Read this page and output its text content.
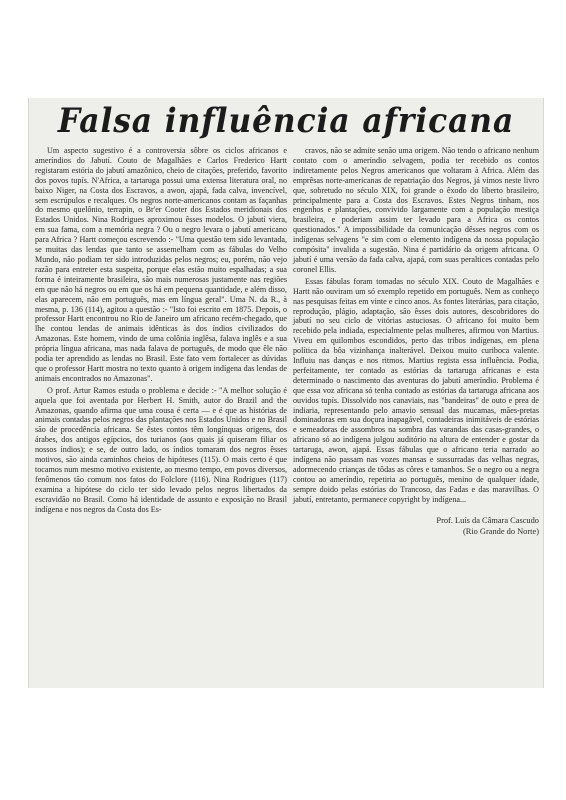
Falsa influência africana

Um aspecto sugestivo é a controversia sôbre os ciclos africanos e ameríndios do Jabutí. Couto de Magalhães e Carlos Frederico Hartt registaram estória do jabutí amazônico, cheio de citações, preferido, favorito dos povos tupís. N'Africa, a tartaruga possui uma extensa literatura oral, no baixo Niger, na Costa dos Escravos, a awon, ajapá, fada calva, invencível, sem escrúpulos e recalques. Os negros norte-americanos contam as façanhas do mesmo quelônio, terrapin, o Br'er Cooter dos Estados meridionais dos Estados Unidos. Nina Rodrigues aproximou êsses modelos. O jabutí viera, em sua fama, com a memória negra ? Ou o negro levara o jabutí americano para Africa ? Hartt começou escrevendo :- "Uma questão tem sido levantada, se muitas das lendas que tanto se assemelham com as fábulas do Velho Mundo, não podiam ter sido introduzidas pelos negros; eu, porém, não vejo razão para entreter esta suspeita, porque elas estão muito espalhadas; a sua forma é inteiramente brasileira, são mais numerosas justamente nas regiões em que não há negros ou em que os há em pequena quantidade, e além disso, elas aparecem, não em português, mas em língua geral". Uma N. da R., à mesma, p. 136 (114), agitou a questão :- "Isto foi escrito em 1875. Depois, o professor Hartt encontrou no Rio de Janeiro um africano recém-chegado, que lhe contou lendas de animais idênticas às dos índios civilizados do Amazonas. Este homem, vindo de uma colônia inglêsa, falava inglês e a sua própria língua africana, mas nada falava de português, de modo que êle não podia ter aprendido as lendas no Brasil. Este fato vem fortalecer as dúvidas que o professor Hartt mostra no texto quanto à origem indígena das lendas de animais encontrados no Amazonas".

O prof. Artur Ramos estuda o problema e decide :- "A melhor solução é aquela que foi aventada por Herbert H. Smith, autor do Brazil and the Amazonas, quando afirma que uma cousa é certa — e é que as histórias de animais contadas pelos negros das plantações nos Estados Unidos e no Brasil são de procedência africana. Se êstes contos têm longínquas origens, dos árabes, dos antigos egípcios, dos turianos (aos quais já quiseram filiar os nossos índios); e se, de outro lado, os índios tomaram dos negros êsses motivos, são ainda caminhos cheios de hipóteses (115). O mais certo é que tocamos num mesmo motivo existente, ao mesmo tempo, em povos diversos, fenômenos tão comum nos fatos do Folclore (116). Nina Rodrigues (117) examina a hipótese do ciclo ter sido levado pelos negros libertados da escravidão no Brasil. Como há identidade de assunto e exposição no Brasil indígena e nos negros da Costa dos Es-

cravos, não se admite senão uma origem. Não tendo o africano nenhum contato com o ameríndio selvagem, podia ter recebido os contos indiretamente pelos Negros americanos que voltaram à Africa. Além das emprêsas norte-americanas de repatriação dos Negros, já vimos neste livro que, sobretudo no século XIX, foi grande o êxodo do liberto brasileiro, principalmente para a Costa dos Escravos. Estes Negros tinham, nos engenhos e plantações, convivido largamente com a população mestiça brasileira, e poderiam assim ter levado para a Africa os contos questionados." A impossibilidade da comunicação dêsses negros com os indígenas selvagens "e sim com o elemento indígena da nossa população compósita" invalida a sugestão. Nina é partidário da origem africana. O jabutí é uma versão da fada calva, ajapá, com suas peraltices contadas pelo coronel Ellis.

Essas fábulas foram tomadas no século XIX. Couto de Magalhães e Hartt não ouviram um só exemplo repetido em português. Nem as conheço nas pesquisas feitas em vinte e cinco anos. As fontes literárias, para citação, reprodução, plágio, adaptação, são êsses dois autores, descobridores do jabutí no seu ciclo de vitórias astuciosas. O africano foi muito bem recebido pela indiada, especialmente pelas mulheres, afirmou von Martius. Viveu em quilombos escondidos, perto das tribos indígenas, em plena política da bôa vizinhança inalterável. Deixou muito curiboca valente. Influiu nas danças e nos ritmos. Martius regista essa influência. Podia, perfeitamente, ter contado as estórias da tartaruga africanas e esta determinado o nascimento das aventuras do jabutí ameríndio. Problema é que essa voz africana só tenha contado as estórias da tartaruga africana aos ouvidos tupís. Dissolvido nos canaviais, nas "bandeiras" de outo e prea de indiaria, representando pelo amavio sensual das mucamas, mães-pretas dominadoras em sua doçura inapagável, contadeiras inimitáveis de estórias e semeadoras de assombros na sombra das varandas das casas-grandes, o africano só ao indígena julgou auditório na altura de entender e gostar da tartaruga, awon, ajapá. Essas fábulas que o africano teria narrado ao indígena não passam nas vozes mansas e sussurradas das velhas negras, adormecendo crianças de tôdas as côres e tamanhos. Se o negro ou a negra contou ao ameríndio, repetiria ao português, menino de qualquer idade, sempre doido pelas estórias do Trancoso, das Fadas e das maravilhas. O jabutí, entretanto, permanece copyright by indígena...

Prof. Luís da Câmara Cascudo
(Rio Grande do Norte)
